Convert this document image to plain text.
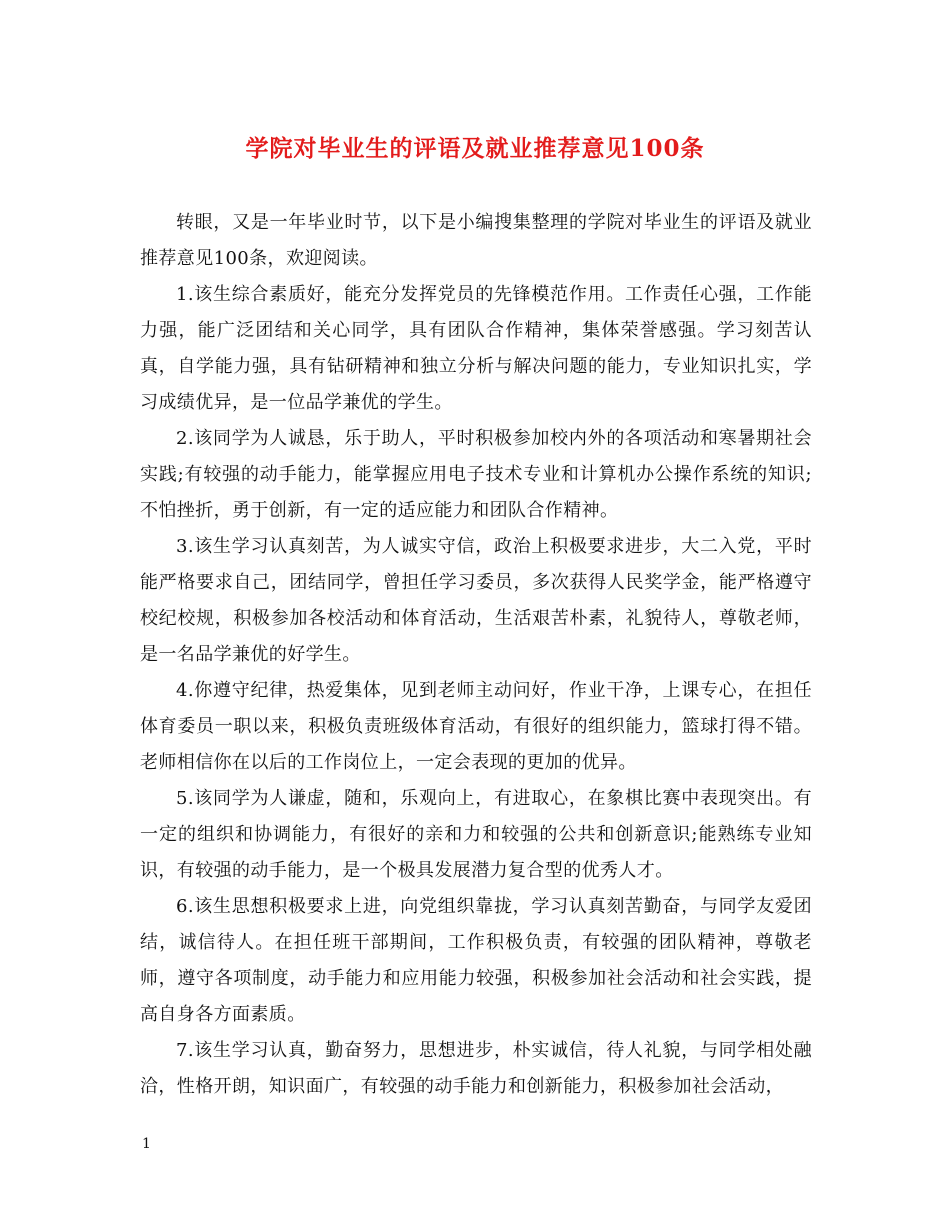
学院对毕业生的评语及就业推荐意见100条

转眼，又是一年毕业时节，以下是小编搜集整理的学院对毕业生的评语及就业推荐意见100条，欢迎阅读。

1.该生综合素质好，能充分发挥党员的先锋模范作用。工作责任心强，工作能力强，能广泛团结和关心同学，具有团队合作精神，集体荣誉感强。学习刻苦认真，自学能力强，具有钻研精神和独立分析与解决问题的能力，专业知识扎实，学习成绩优异，是一位品学兼优的学生。

2.该同学为人诚恳，乐于助人，平时积极参加校内外的各项活动和寒暑期社会实践;有较强的动手能力，能掌握应用电子技术专业和计算机办公操作系统的知识;不怕挫折，勇于创新，有一定的适应能力和团队合作精神。

3.该生学习认真刻苦，为人诚实守信，政治上积极要求进步，大二入党，平时能严格要求自己，团结同学，曾担任学习委员，多次获得人民奖学金，能严格遵守校纪校规，积极参加各校活动和体育活动，生活艰苦朴素，礼貌待人，尊敬老师，是一名品学兼优的好学生。

4.你遵守纪律，热爱集体，见到老师主动问好，作业干净，上课专心，在担任体育委员一职以来，积极负责班级体育活动，有很好的组织能力，篮球打得不错。老师相信你在以后的工作岗位上，一定会表现的更加的优异。

5.该同学为人谦虚，随和，乐观向上，有进取心，在象棋比赛中表现突出。有一定的组织和协调能力，有很好的亲和力和较强的公共和创新意识;能熟练专业知识，有较强的动手能力，是一个极具发展潜力复合型的优秀人才。

6.该生思想积极要求上进，向党组织靠拢，学习认真刻苦勤奋，与同学友爱团结，诚信待人。在担任班干部期间，工作积极负责，有较强的团队精神，尊敬老师，遵守各项制度，动手能力和应用能力较强，积极参加社会活动和社会实践，提高自身各方面素质。

7.该生学习认真，勤奋努力，思想进步，朴实诚信，待人礼貌，与同学相处融洽，性格开朗，知识面广，有较强的动手能力和创新能力，积极参加社会活动，

1
